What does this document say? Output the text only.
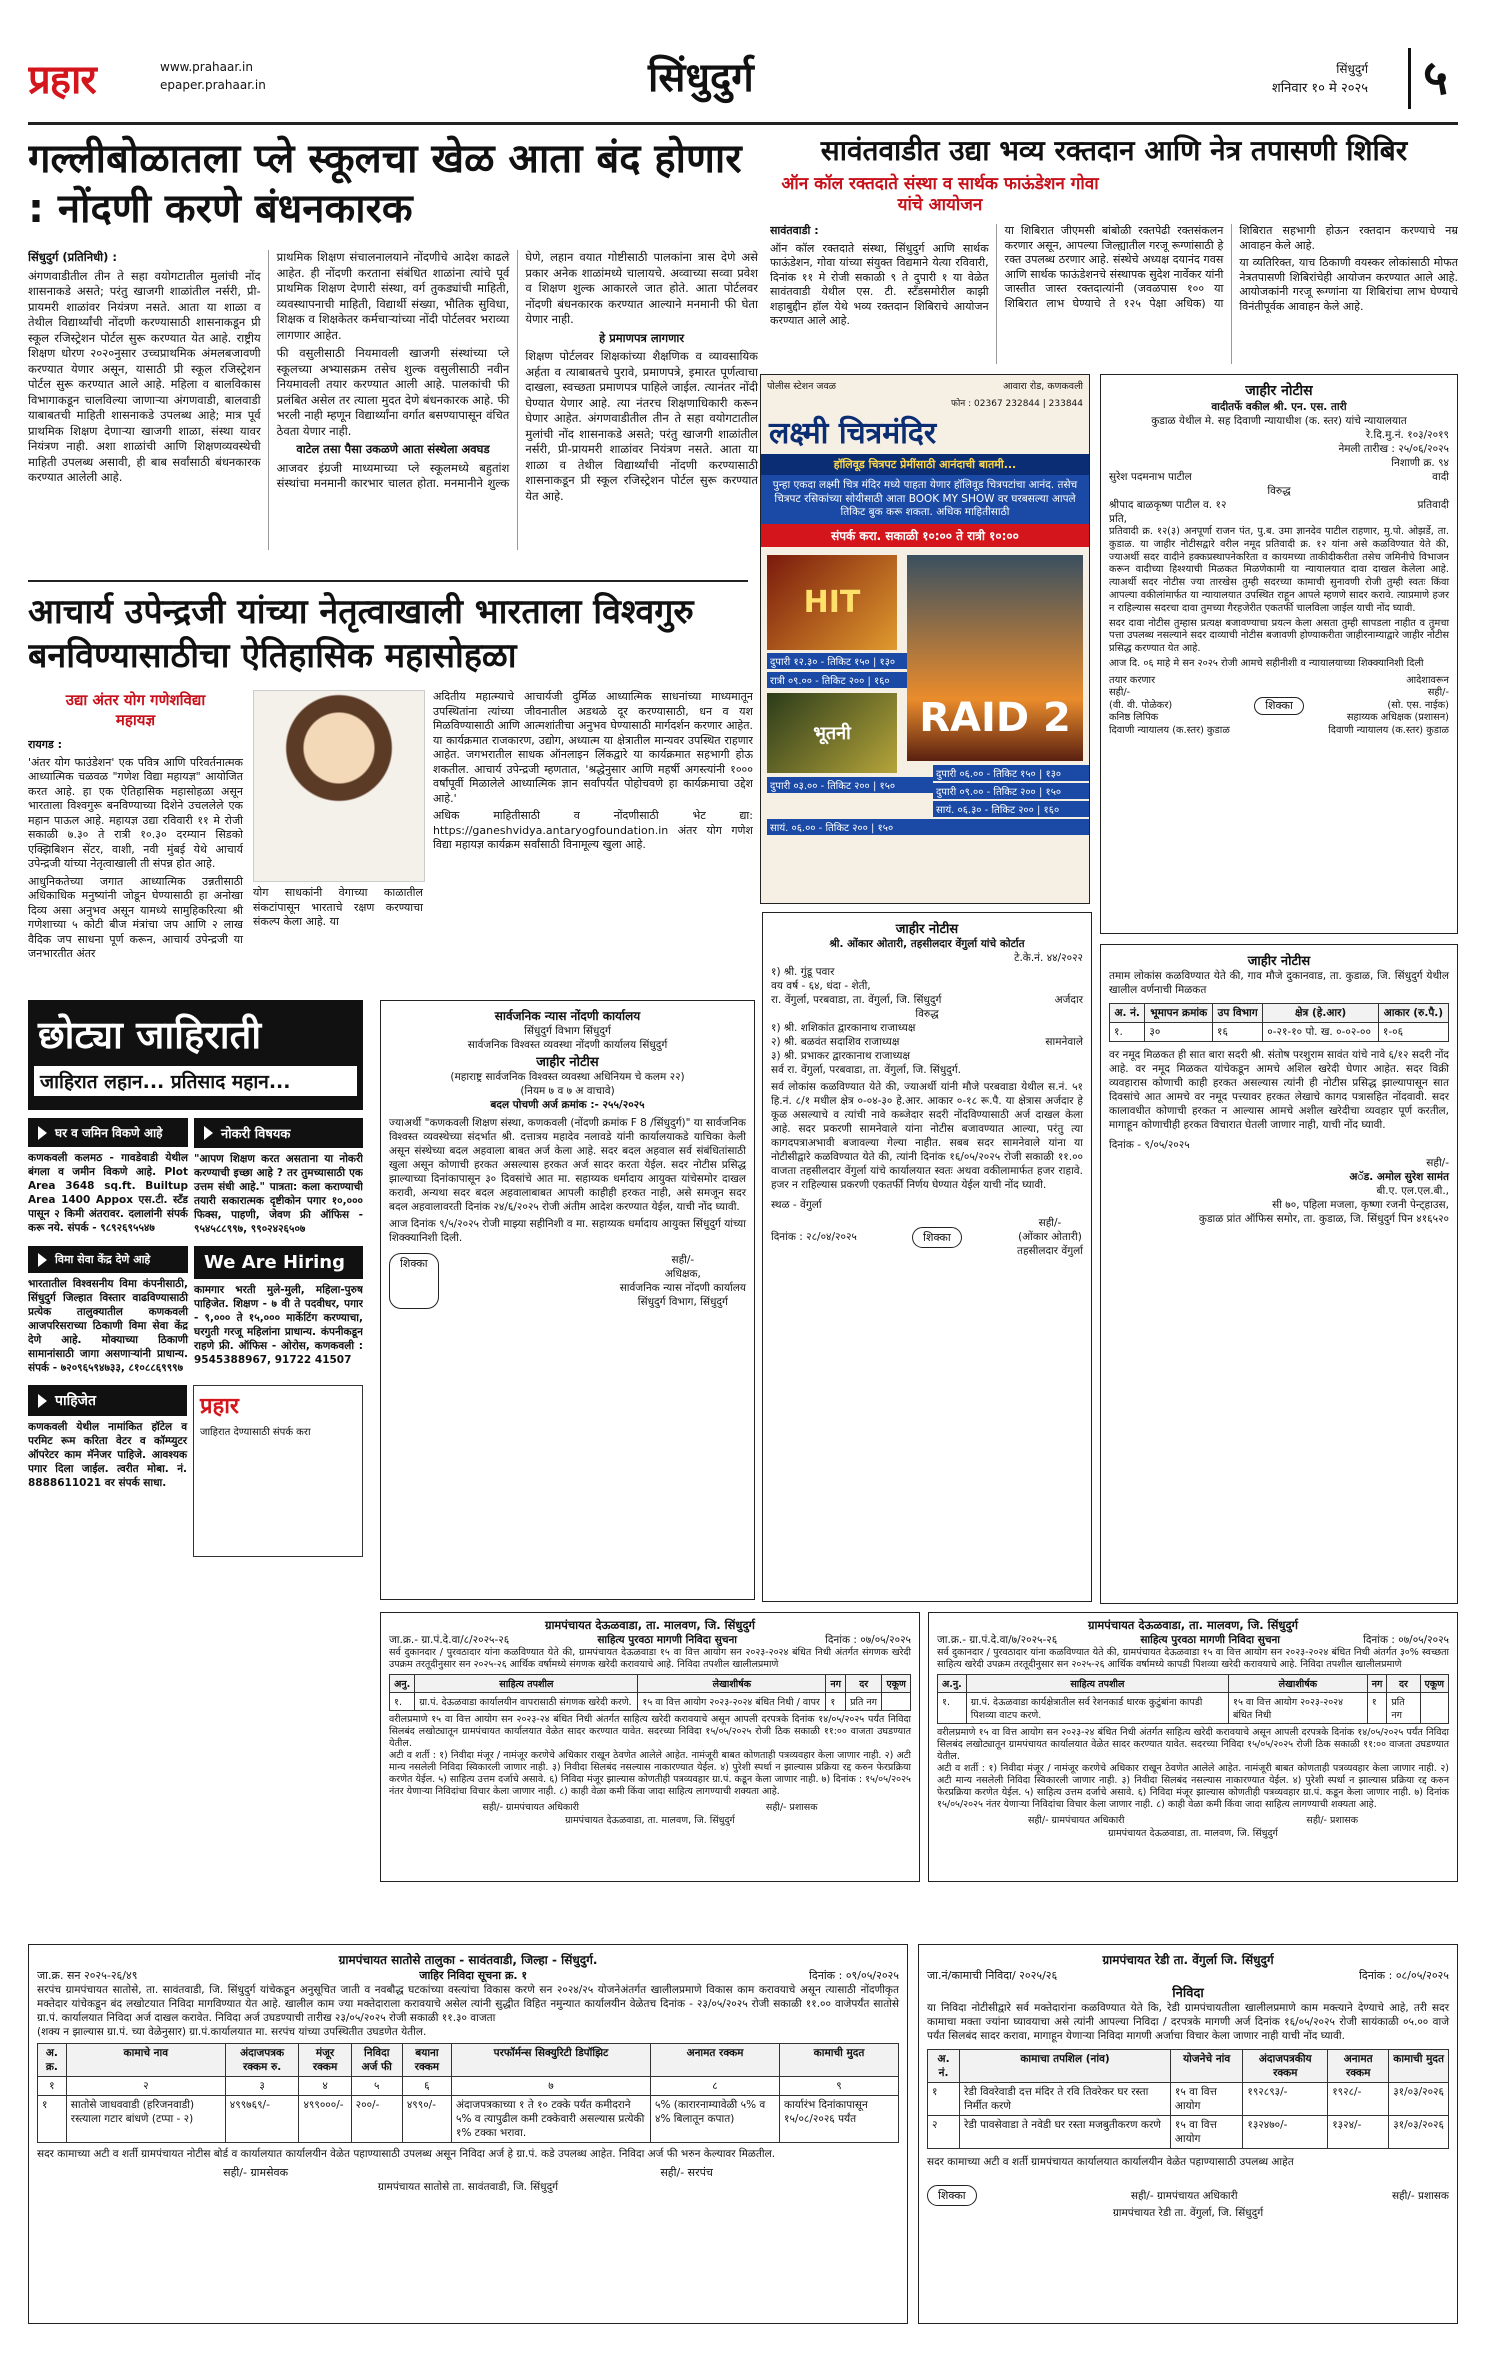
प्रहार	www.prahaar.in
epaper.prahaar.in	सिंधुदुर्ग	सिंधुदुर्ग
शनिवार १० मे २०२५	५
गल्लीबोळातला प्ले स्कूलचा खेळ आता बंद होणार : नोंदणी करणे बंधनकारक

सिंधुदुर्ग (प्रतिनिधी) :

अंगणवाडीतील तीन ते सहा वयोगटातील मुलांची नोंद शासनाकडे असते; परंतु खाजगी शाळांतील नर्सरी, प्री-प्रायमरी शाळांवर नियंत्रण नसते. आता या शाळा व तेथील विद्यार्थ्यांची नोंदणी करण्यासाठी शासनाकडून प्री स्कूल रजिस्ट्रेशन पोर्टल सुरू करण्यात येत आहे. राष्ट्रीय शिक्षण धोरण २०२०नुसार उच्चप्राथमिक अंमलबजावणी करण्यात येणार असून, यासाठी प्री स्कूल रजिस्ट्रेशन पोर्टल सुरू करण्यात आले आहे. महिला व बालविकास विभागाकडून चालविल्या जाणाऱ्या अंगणवाडी, बालवाडी याबाबतची माहिती शासनाकडे उपलब्ध आहे; मात्र पूर्व प्राथमिक शिक्षण देणाऱ्या खाजगी शाळा, संस्था यावर नियंत्रण नाही. अशा शाळांची आणि शिक्षणव्यवस्थेची माहिती उपलब्ध असावी, ही बाब सर्वांसाठी बंधनकारक करण्यात आलेली आहे.

प्राथमिक शिक्षण संचालनालयाने नोंदणीचे आदेश काढले आहेत. ही नोंदणी करताना संबंधित शाळांना त्यांचे पूर्व प्राथमिक शिक्षण देणारी संस्था, वर्ग तुकड्यांची माहिती, व्यवस्थापनाची माहिती, विद्यार्थी संख्या, भौतिक सुविधा, शिक्षक व शिक्षकेतर कर्मचाऱ्यांच्या नोंदी पोर्टलवर भराव्या लागणार आहेत.

फी वसुलीसाठी नियमावली खाजगी संस्थांच्या प्ले स्कूलच्या अभ्यासक्रम तसेच शुल्क वसुलीसाठी नवीन नियमावली तयार करण्यात आली आहे. पालकांची फी प्रलंबित असेल तर त्याला मुदत देणे बंधनकारक आहे. फी भरली नाही म्हणून विद्यार्थ्यांना वर्गात बसण्यापासून वंचित ठेवता येणार नाही.

वाटेल तसा पैसा उकळणे आता संस्थेला अवघड

आजवर इंग्रजी माध्यमाच्या प्ले स्कूलमध्ये बहुतांश संस्थांचा मनमानी कारभार चालत होता. मनमानीने शुल्क घेणे, लहान वयात गोष्टीसाठी पालकांना त्रास देणे असे प्रकार अनेक शाळांमध्ये चालायचे. अव्वाच्या सव्वा प्रवेश व शिक्षण शुल्क आकारले जात होते. आता पोर्टलवर नोंदणी बंधनकारक करण्यात आल्याने मनमानी फी घेता येणार नाही.

हे प्रमाणपत्र लागणार

शिक्षण पोर्टलवर शिक्षकांच्या शैक्षणिक व व्यावसायिक अर्हता व त्याबाबतचे पुरावे, प्रमाणपत्रे, इमारत पूर्णत्वाचा दाखला, स्वच्छता प्रमाणपत्र पाहिले जाईल. त्यानंतर नोंदी घेण्यात येणार आहे. त्या नंतरच शिक्षणाधिकारी करून घेणार आहेत. अंगणवाडीतील तीन ते सहा वयोगटातील मुलांची नोंद शासनाकडे असते; परंतु खाजगी शाळांतील नर्सरी, प्री-प्रायमरी शाळांवर नियंत्रण नसते. आता या शाळा व तेथील विद्यार्थ्यांची नोंदणी करण्यासाठी शासनाकडून प्री स्कूल रजिस्ट्रेशन पोर्टल सुरू करण्यात येत आहे.

सावंतवाडीत उद्या भव्य रक्तदान आणि नेत्र तपासणी शिबिर
ऑन कॉल रक्तदाते संस्था व सार्थक फाऊंडेशन गोवा यांचे आयोजन

सावंतवाडी :

ऑन कॉल रक्तदाते संस्था, सिंधुदुर्ग आणि सार्थक फाऊंडेशन, गोवा यांच्या संयुक्त विद्यमाने येत्या रविवारी, दिनांक ११ मे रोजी सकाळी ९ ते दुपारी १ या वेळेत सावंतवाडी येथील एस. टी. स्टँडसमोरील काझी शहाबुद्दीन हॉल येथे भव्य रक्तदान शिबिराचे आयोजन करण्यात आले आहे.

या शिबिरात जीएमसी बांबोळी रक्तपेढी रक्तसंकलन करणार असून, आपल्या जिल्ह्यातील गरजू रूग्णांसाठी हे रक्त उपलब्ध ठरणार आहे. संस्थेचे अध्यक्ष दयानंद गवस आणि सार्थक फाऊंडेशनचे संस्थापक सुदेश नार्वेकर यांनी जास्तीत जास्त रक्तदात्यांनी (जवळपास १०० या शिबिरात लाभ घेण्याचे ते १२५ पेक्षा अधिक) या शिबिरात सहभागी होऊन रक्तदान करण्याचे नम्र आवाहन केले आहे.

या व्यतिरिक्त, याच ठिकाणी वयस्कर लोकांसाठी मोफत नेत्रतपासणी शिबिरांचेही आयोजन करण्यात आले आहे. आयोजकांनी गरजू रूग्णांना या शिबिरांचा लाभ घेण्याचे विनंतीपूर्वक आवाहन केले आहे.

पोलीस स्टेशन जवळ	आवारा रोड, कणकवली
फोन : 02367 232844 | 233844
लक्ष्मी चित्रमंदिर
हॉलिवूड चित्रपट प्रेमींसाठी आनंदाची बातमी...
पुन्हा एकदा लक्ष्मी चित्र मंदिर मध्ये पाहता येणार हॉलिवूड चित्रपटांचा आनंद. तसेच चित्रपट रसिकांच्या सोयीसाठी आता BOOK MY SHOW वर घरबसल्या आपले तिकिट बुक करू शकता. अधिक माहितीसाठी
संपर्क करा. सकाळी १०:०० ते रात्री १०:००
HIT
दुपारी १२.३० - तिकिट १५० | १३०
रात्री ०९.०० - तिकिट २०० | १६०
भूतनी
दुपारी ०३.०० - तिकिट २०० | १५०
RAID 2
दुपारी ०६.०० - तिकिट १५० | १३०
दुपारी ०९.०० - तिकिट २०० | १५०
सायं. ०६.३० - तिकिट २०० | १६०
सायं. ०६.०० - तिकिट २०० | १५०
जाहीर नोटीस
वादीतर्फे वकील श्री. एन. एस. तारी
कुडाळ येथील मे. सह दिवाणी न्यायाधीश (क. स्तर) यांचे न्यायालयात
रे.दि.मु.नं. १०३/२०१९
नेमली तारीख : २५/०६/२०२५
निशाणी क्र. ९४
सुरेश पदमनाभ पाटील	वादी
विरुद्ध
श्रीपाद बाळकृष्ण पाटील व. १२	प्रतिवादी
प्रति,
प्रतिवादी क्र. १२(३) अनपूर्णा राजन पंत, पु.ब. उमा ज्ञानदेव पाटील राहणार, मु.पो. ओझर्डे, ता. कुडाळ. या जाहीर नोटीसद्वारे वरील नमूद प्रतिवादी क्र. १२ यांना असे कळविण्यात येते की, ज्याअर्थी सदर वादीने हक्कप्रस्थापनेकरिता व कायमच्या ताकीदीकरीता तसेच जमिनीचे विभाजन करून वादीच्या हिश्श्याची मिळकत मिळणेकामी या न्यायालयात दावा दाखल केलेला आहे. त्याअर्थी सदर नोटीस ज्या तारखेस तुम्ही सदरच्या कामाची सुनावणी रोजी तुम्ही स्वतः किंवा आपल्या वकीलांमार्फत या न्यायालयात उपस्थित राहून आपले म्हणणे सादर करावे. त्याप्रमाणे हजर न राहिल्यास सदरचा दावा तुमच्या गैरहजेरीत एकतर्फी चालविला जाईल याची नोंद घ्यावी.
सदर दावा नोटीस तुम्हास प्रत्यक्ष बजावण्याचा प्रयत्न केला असता तुम्ही सापडला नाहीत व तुमचा पत्ता उपलब्ध नसल्याने सदर दाव्याची नोटीस बजावणी होण्याकरीता जाहीरनाम्याद्वारे जाहीर नोटीस प्रसिद्ध करण्यात येत आहे.
आज दि. ०६ माहे मे सन २०२५ रोजी आमचे सहीनीशी व न्यायालयाच्या शिक्क्यानिशी दिली
तयार करणार
सही/-
(वी. वी. पोळेकर)
कनिष्ठ लिपिक
दिवाणी न्यायालय (क.स्तर) कुडाळ
शिक्का
आदेशावरून
सही/-
(सो. एस. नाईक)
सहाय्यक अधिक्षक (प्रशासन)
दिवाणी न्यायालय (क.स्तर) कुडाळ
आचार्य उपेन्द्रजी यांच्या नेतृत्वाखाली भारताला विश्वगुरु बनविण्यासाठीचा ऐतिहासिक महासोहळा
उद्या अंतर योग गणेशविद्या
महायज्ञ

रायगड :

'अंतर योग फाउंडेशन' एक पवित्र आणि परिवर्तनात्मक आध्यात्मिक चळवळ "गणेश विद्या महायज्ञ" आयोजित करत आहे. हा एक ऐतिहासिक महासोहळा असून भारताला विश्वगुरू बनविण्याच्या दिशेने उचललेले एक महान पाऊल आहे. महायज्ञ उद्या रविवारी ११ मे रोजी सकाळी ७.३० ते रात्री १०.३० दरम्यान सिडको एक्झिबिशन सेंटर, वाशी, नवी मुंबई येथे आचार्य उपेन्द्रजी यांच्या नेतृत्वाखाली ती संपन्न होत आहे.

आधुनिकतेच्या जगात आध्यात्मिक उन्नतीसाठी अधिकाधिक मनुष्यांनी जोडून घेण्यासाठी हा अनोखा दिव्य असा अनुभव असून यामध्ये सामुहिकरित्या श्री गणेशाच्या ५ कोटी बीज मंत्रांचा जप आणि २ लाख वैदिक जप साधना पूर्ण करून, आचार्य उपेन्द्रजी या जनभारतीत अंतर

योग साधकांनी वेगाच्या काळातील संकटांपासून भारताचे रक्षण करण्याचा संकल्प केला आहे. या

अदितीय महात्म्याचे आचार्यजी दुर्मिळ आध्यात्मिक साधनांच्या माध्यमातून उपस्थितांना त्यांच्या जीवनातील अडथळे दूर करण्यासाठी, धन व यश मिळविण्यासाठी आणि आत्मशांतीचा अनुभव घेण्यासाठी मार्गदर्शन करणार आहेत. या कार्यक्रमात राजकारण, उद्योग, अध्यात्म या क्षेत्रातील मान्यवर उपस्थित राहणार आहेत. जगभरातील साधक ऑनलाइन लिंकद्वारे या कार्यक्रमात सहभागी होऊ शकतील. आचार्य उपेन्द्रजी म्हणतात, 'श्रद्धेनुसार आणि महर्षी अगस्त्यांनी १००० वर्षांपूर्वी मिळालेले आध्यात्मिक ज्ञान सर्वांपर्यंत पोहोचवणे हा कार्यक्रमाचा उद्देश आहे.'

अधिक माहितीसाठी व नोंदणीसाठी भेट द्या: https://ganeshvidya.antaryogfoundation.in अंतर योग गणेश विद्या महायज्ञ कार्यक्रम सर्वांसाठी विनामूल्य खुला आहे.

छोट्या जाहिराती
जाहिरात लहान... प्रतिसाद महान...
घर व जमिन विकणे आहे
कणकवली कलमठ - गावडेवाडी येथील बंगला व जमीन विकणे आहे. Plot Area 3648 sq.ft. Builtup Area 1400 Appox एस.टी. स्टँड पासून २ किमी अंतरावर. दलालांनी संपर्क करू नये. संपर्क - ९८९२६९५५४७
नोकरी विषयक
"आपण शिक्षण करत असताना या नोकरी करण्याची इच्छा आहे ? तर तुमच्यासाठी एक उत्तम संधी आहे." पात्रता: कला कराण्याची तयारी सकारात्मक दृष्टीकोन पगार १०,००० फिक्स, पाहणी, जेवण फ्री ऑफिस - ९५४५८८९९७, ९९०२४२६५०७
विमा सेवा केंद्र देणे आहे
भारतातील विश्वसनीय विमा कंपनीसाठी, सिंधुदुर्ग जिल्हात विस्तार वाढविण्यासाठी प्रत्येक तालुक्यातील कणकवली आजपरिसराच्या ठिकाणी विमा सेवा केंद्र देणे आहे. मोक्याच्या ठिकाणी सामानांसाठी जागा असणाऱ्यांनी प्राधान्य. संपर्क - ७२०९६५९४७३३, ८१०८८६९९९७
We Are Hiring
कामगार भरती मुले-मुली, महिला-पुरुष पाहिजेत. शिक्षण - ७ वी ते पदवीधर, पगार - ९,००० ते १५,००० मार्केटिंग करण्याचा, घरगुती गरजू महिलांना प्राधान्य. कंपनीकडून राहणे फ्री. ऑफिस - ओरोस, कणकवली : 9545388967, 91722 41507
पाहिजेत
कणकवली येथील नामांकित हॉटेल व परमिट रूम करिता वेटर व कॉम्प्युटर ऑपरेटर काम मॅनेजर पाहिजे. आवश्यक पगार दिला जाईल. त्वरीत मोबा. नं. 8888611021 वर संपर्क साधा.
प्रहार
जाहिरात देण्यासाठी संपर्क करा
सार्वजनिक न्यास नोंदणी कार्यालय
सिंधुदुर्ग विभाग सिंधुदुर्ग
सार्वजनिक विश्वस्त व्यवस्था नोंदणी कार्यालय सिंधुदुर्ग
जाहीर नोटीस
(महाराष्ट्र सार्वजनिक विश्वस्त व्यवस्था अधिनियम चे कलम २२)
(नियम ७ व ७ अ वाचावे)
बदल पोचणी अर्ज क्रमांक :- २५५/२०२५
ज्याअर्थी "कणकवली शिक्षण संस्था, कणकवली (नोंदणी क्रमांक F 8 /सिंधुदुर्ग)" या सार्वजनिक विश्वस्त व्यवस्थेच्या संदर्भात श्री. दत्तात्रय महादेव नलावडे यांनी कार्यालयाकडे याचिका केली असून संस्थेच्या बदल अहवाला बाबत अर्ज केला आहे. सदर बदल अहवाल सर्व संबंधितांसाठी खुला असून कोणाची हरकत असल्यास हरकत अर्ज सादर करता येईल. सदर नोटीस प्रसिद्ध झाल्याच्या दिनांकापासून ३० दिवसांचे आत मा. सहाय्यक धर्मादाय आयुक्त यांचेसमोर दाखल करावी, अन्यथा सदर बदल अहवालाबाबत आपली काहीही हरकत नाही, असे समजून सदर बदल अहवालावरती दिनांक २४/६/२०२५ रोजी अंतीम आदेश करण्यात येईल, याची नोंद घ्यावी.
आज दिनांक ९/५/२०२५ रोजी माझ्या सहीनिशी व मा. सहाय्यक धर्मादाय आयुक्त सिंधुदुर्ग यांच्या शिक्क्यानिशी दिली.
शिक्का	सही/-
अधिक्षक,
सार्वजनिक न्यास नोंदणी कार्यालय
सिंधुदुर्ग विभाग, सिंधुदुर्ग
जाहीर नोटीस
श्री. ओंकार ओतारी, तहसीलदार वेंगुर्ला यांचे कोर्टात
टे.के.नं. ४४/२०२२
१) श्री. गुंडू पवार
वय वर्ष - ६४, धंदा - शेती,
रा. वेंगुर्ला, परबवाडा, ता. वेंगुर्ला, जि. सिंधुदुर्ग	अर्जदार
विरुद्ध
१) श्री. शशिकांत द्वारकानाथ राजाध्यक्ष
२) श्री. बळवंत सदाशिव राजाध्यक्ष	सामनेवाले
३) श्री. प्रभाकर द्वारकानाथ राजाध्यक्ष
सर्व रा. वेंगुर्ला, परबवाडा, ता. वेंगुर्ला, जि. सिंधुदुर्ग.
सर्व लोकांस कळविण्यात येते की, ज्याअर्थी यांनी मौजे परबवाडा येथील स.नं. ५१ हि.नं. ८/१ मधील क्षेत्र ०-०४-३० हे.आर. आकार ०-१८ रू.पै. या क्षेत्रास अर्जदार हे कूळ असल्याचे व त्यांची नावे कब्जेदार सदरी नोंदविण्यासाठी अर्ज दाखल केला आहे. सदर प्रकरणी सामनेवाले यांना नोटीस बजावण्यात आल्या, परंतु त्या कागदपत्राअभावी बजावल्या गेल्या नाहीत. सबब सदर सामनेवाले यांना या नोटीसीद्वारे कळविण्यात येते की, त्यांनी दिनांक १६/०५/२०२५ रोजी सकाळी ११.०० वाजता तहसीलदार वेंगुर्ला यांचे कार्यालयात स्वतः अथवा वकीलामार्फत हजर राहावे. हजर न राहिल्यास प्रकरणी एकतर्फी निर्णय घेण्यात येईल याची नोंद घ्यावी.
स्थळ - वेंगुर्ला
दिनांक : २८/०४/२०२५	शिक्का
सही/-
(ओंकार ओतारी)
तहसीलदार वेंगुर्ला
जाहीर नोटीस
तमाम लोकांस कळविण्यात येते की, गाव मौजे दुकानवाड, ता. कुडाळ, जि. सिंधुदुर्ग येथील खालील वर्णनाची मिळकत
अ. नं.	भूमापन क्रमांक	उप विभाग	क्षेत्र (हे.आर)	आकार (रु.पै.)
१.	३०	१६	०-२१-१० पो. ख. ०-०२-००	१-०६
वर नमूद मिळकत ही सात बारा सदरी श्री. संतोष परशुराम सावंत यांचे नावे ६/१२ सदरी नोंद आहे. वर नमूद मिळकत यांचेकडून आमचे अशिल खरेदी घेणार आहेत. सदर विक्री व्यवहारास कोणाची काही हरकत असल्यास त्यांनी ही नोटीस प्रसिद्ध झाल्यापासून सात दिवसांचे आत आमचे वर नमूद पत्त्यावर हरकत लेखाचे कागद पत्रासहित नोंदवावी. सदर कालावधीत कोणाची हरकत न आल्यास आमचे अशील खरेदीचा व्यवहार पूर्ण करतील, मागाहून कोणाचीही हरकत विचारात घेतली जाणार नाही, याची नोंद घ्यावी.
दिनांक - ९/०५/२०२५
सही/-
अॅड. अमोल सुरेश सामंत
बी.ए. एल.एल.बी.,
सी ७०, पहिला मजला, कृष्णा रजनी पेन्ट्हाउस,
कुडाळ प्रांत ऑफिस समोर, ता. कुडाळ, जि. सिंधुदुर्ग पिन ४१६५२०
ग्रामपंचायत देऊळवाडा, ता. मालवण, जि. सिंधुदुर्ग
जा.क्र.- ग्रा.पं.दे.वा/८/२०२५-२६	साहित्य पुरवठा मागणी निविदा सुचना	दिनांक : ०७/०५/२०२५
सर्व दुकानदार / पुरवठादार यांना कळविण्यात येते की, ग्रामपंचायत देऊळवाडा १५ वा वित्त आयोग सन २०२३-२०२४ बंधित निधी अंतर्गत संगणक खरेदी उपक्रम तरतूदीनुसार सन २०२५-२६ आर्थिक वर्षामध्ये संगणक खरेदी करावयाचे आहे. निविदा तपशील खालीलप्रमाणे
अनु.	साहित्य तपशील	लेखाशीर्षक	नग	दर	एकूण
१.	ग्रा.पं. देऊळवाडा कार्यालयीन वापरासाठी संगणक खरेदी करणे.	१५ वा वित्त आयोग २०२३-२०२४ बंधित निधी / वापर	१	प्रति नग	
वरीलप्रमाणे १५ वा वित्त आयोग सन २०२३-२४ बंधित निधी अंतर्गत साहित्य खरेदी करावयाचे असून आपली दरपत्रके दिनांक १४/०५/२०२५ पर्यंत निविदा सिलबंद लखोट्यातून ग्रामपंचायत कार्यालयात वेळेत सादर करण्यात यावेत. सदरच्या निविदा १५/०५/२०२५ रोजी ठिक सकाळी ११:०० वाजता उघडण्यात येतील.
अटी व शर्ती : १) निवीदा मंजूर / नामंजूर करणेचे अधिकार राखून ठेवणेत आलेले आहेत. नामंजूरी बाबत कोणताही पत्रव्यवहार केला जाणार नाही. २) अटी मान्य नसलेली निविदा स्विकारली जाणार नाही. ३) निवीदा सिलबंद नसल्यास नाकारण्यात येईल. ४) पुरेशी स्पर्धा न झाल्यास प्रक्रिया रद्द करुन फेरप्रक्रिया करणेत येईल. ५) साहित्य उत्तम दर्जाचे असावे. ६) निविदा मंजूर झाल्यास कोणतीही पत्रव्यवहार ग्रा.पं. कडून केला जाणार नाही. ७) दिनांक : १५/०५/२०२५ नंतर येणाऱ्या निविदांचा विचार केला जाणार नाही. ८) काही वेळा कमी किंवा जादा साहित्य लागण्याची शक्यता आहे.
सही/- ग्रामपंचायत अधिकारी	सही/- प्रशासक
ग्रामपंचायत देऊळवाडा, ता. मालवण, जि. सिंधुदुर्ग
ग्रामपंचायत देऊळवाडा, ता. मालवण, जि. सिंधुदुर्ग
जा.क्र.- ग्रा.पं.दे.वा/७/२०२५-२६	साहित्य पुरवठा मागणी निविदा सुचना	दिनांक : ०७/०५/२०२५
सर्व दुकानदार / पुरवठादार यांना कळविण्यात येते की, ग्रामपंचायत देऊळवाडा १५ वा वित्त आयोग सन २०२३-२०२४ बंधित निधी अंतर्गत ३०% स्वच्छता साहित्य खरेदी उपक्रम तरतूदीनुसार सन २०२५-२६ आर्थिक वर्षामध्ये कापडी पिशव्या खरेदी करावयाचे आहे. निविदा तपशील खालीलप्रमाणे
अ.नु.	साहित्य तपशील	लेखाशीर्षक	नग	दर	एकूण
१.	ग्रा.पं. देऊळवाडा कार्यक्षेत्रातील सर्व रेशनकार्ड धारक कुटुंबांना कापडी पिशव्या वाटप करणे.	१५ वा वित्त आयोग २०२३-२०२४ बंधित निधी	१	प्रति नग	
वरीलप्रमाणे १५ वा वित्त आयोग सन २०२३-२४ बंधित निधी अंतर्गत साहित्य खरेदी करावयाचे असून आपली दरपत्रके दिनांक १४/०५/२०२५ पर्यंत निविदा सिलबंद लखोट्यातून ग्रामपंचायत कार्यालयात वेळेत सादर करण्यात यावेत. सदरच्या निविदा १५/०५/२०२५ रोजी ठिक सकाळी ११:०० वाजता उघडण्यात येतील.
अटी व शर्ती : १) निवीदा मंजूर / नामंजूर करणेचे अधिकार राखून ठेवणेत आलेले आहेत. नामंजूरी बाबत कोणताही पत्रव्यवहार केला जाणार नाही. २) अटी मान्य नसलेली निविदा स्विकारली जाणार नाही. ३) निवीदा सिलबंद नसल्यास नाकारण्यात येईल. ४) पुरेशी स्पर्धा न झाल्यास प्रक्रिया रद्द करुन फेरप्रक्रिया करणेत येईल. ५) साहित्य उत्तम दर्जाचे असावे. ६) निविदा मंजूर झाल्यास कोणतीही पत्रव्यवहार ग्रा.पं. कडून केला जाणार नाही. ७) दिनांक १५/०५/२०२५ नंतर येणाऱ्या निविदांचा विचार केला जाणार नाही. ८) काही वेळा कमी किंवा जादा साहित्य लागण्याची शक्यता आहे.
सही/- ग्रामपंचायत अधिकारी	सही/- प्रशासक
ग्रामपंचायत देऊळवाडा, ता. मालवण, जि. सिंधुदुर्ग
ग्रामपंचायत सातोसे तालुका - सावंतवाडी, जिल्हा - सिंधुदुर्ग.
जा.क्र. सन २०२५-२६/४९	जाहिर निविदा सूचना क्र. १	दिनांक : ०९/०५/२०२५
सरपंच ग्रामपंचायत सातोसे, ता. सावंतवाडी, जि. सिंधुदुर्ग यांचेकडून अनुसूचित जाती व नवबौद्ध घटकांच्या वस्त्यांचा विकास करणे सन २०२४/२५ योजनेअंतर्गत खालीलप्रमाणे विकास काम करावयाचे असून त्यासाठी नोंदणीकृत मक्तेदार यांचेकडून बंद लखोटयात निविदा मागविण्यात येत आहे. खालील काम ज्या मक्तेदाराला करावयाचे असेल त्यांनी सुद्धीत विहित नमुन्यात कार्यालयीन वेळेतच दिनांक - २३/०५/२०२५ रोजी सकाळी ११.०० वाजेपर्यंत सातोसे ग्रा.पं. कार्यालयात निविदा अर्ज दाखल करावेत. निविदा अर्ज उघडण्याची तारीख २३/०५/२०२५ रोजी सकाळी ११.३० वाजता
(शक्य न झाल्यास ग्रा.पं. च्या वेळेनुसार) ग्रा.पं.कार्यालयात मा. सरपंच यांच्या उपस्थितीत उघडणेत येतील.
अ. क्र.	कामाचे नाव	अंदाजपत्रक रक्कम रु.	मंजूर रक्कम	निविदा अर्ज फी	बयाना रक्कम	परफॉर्मन्स सिक्युरिटी डिपॉझिट	अनामत रक्कम	कामाची मुदत
१	२	३	४	५	६	७	८	९
१	सातोसे जाधववाडी (हरिजनवाडी) रस्त्याला गटार बांधणे (टप्पा - २)	४९९७६९/-	४९९०००/-	२००/-	४९९०/-	अंदाजपत्रकाच्या १ ते १० टक्के पर्यंत कमीदराने ५% व त्यापुढील कमी टक्केवारी असल्यास प्रत्येकी १% टक्का भरावा.	५% (कारारनाम्यावेळी ५% व ४% बिलातून कपात)	कार्यारंभ दिनांकापासून १५/०८/२०२६ पर्यंत
सदर कामाच्या अटी व शर्ती ग्रामपंचायत नोटीस बोर्ड व कार्यालयात कार्यालयीन वेळेत पहाण्यासाठी उपलब्ध असून निविदा अर्ज हे ग्रा.पं. कडे उपलब्ध आहेत. निविदा अर्ज फी भरुन केल्यावर मिळतील.
सही/- ग्रामसेवक	सही/- सरपंच
ग्रामपंचायत सातोसे ता. सावंतवाडी, जि. सिंधुदुर्ग
ग्रामपंचायत रेडी ता. वेंगुर्ला जि. सिंधुदुर्ग
जा.नं/कामाची निविदा/ २०२५/२६	दिनांक : ०८/०५/२०२५
निविदा
या निविदा नोटीसीद्वारे सर्व मक्तेदारांना कळविण्यात येते कि, रेडी ग्रामपंचायतीला खालीलप्रमाणे काम मक्त्याने देण्याचे आहे, तरी सदर कामाचा मक्ता ज्यांना घ्यावयाचा असे त्यांनी आपल्या निविदा / दरपत्रके मागणी अर्ज दिनांक १६/०५/२०२५ रोजी सायंकाळी ०५.०० वाजे पर्यंत सिलबंद सादर करावा, मागाहून येणाऱ्या निविदा मागणी अर्जाचा विचार केला जाणार नाही याची नोंद घ्यावी.
अ. नं.	कामाचा तपशिल (नांव)	योजनेचे नांव	अंदाजपत्रकीय रक्कम	अनामत रक्कम	कामाची मुदत
१	रेडी विवरेवाडी दत्त मंदिर ते रवि तिवरेकर घर रस्ता निर्मीत करणे	१५ वा वित्त आयोग	१९२८९३/-	१९२८/-	३१/०३/२०२६
२	रेडी पावसेवाडा ते नवेडी घर रस्ता मजबुतीकरण करणे	१५ वा वित्त आयोग	१३२४७०/-	१३२४/-	३१/०३/२०२६
सदर कामाच्या अटी व शर्ती ग्रामपंचायत कार्यालयात कार्यालयीन वेळेत पहाण्यासाठी उपलब्ध आहेत
शिक्का	सही/- ग्रामपंचायत अधिकारी	सही/- प्रशासक
ग्रामपंचायत रेडी ता. वेंगुर्ला, जि. सिंधुदुर्ग
